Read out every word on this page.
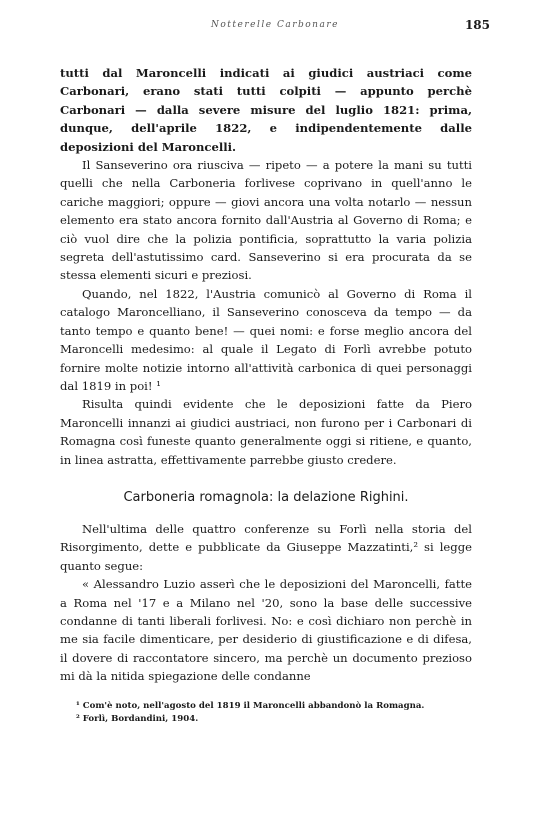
Notterelle Carbonare	185

tutti dal Maroncelli indicati ai giudici austriaci come Carbonari, erano stati tutti colpiti — appunto perchè Carbonari — dalla severe misure del luglio 1821: prima, dunque, dell'aprile 1822, e indipendentemente dalle deposizioni del Maroncelli.

Il Sanseverino ora riusciva — ripeto — a potere la mani su tutti quelli che nella Carboneria forlivese coprivano in quell'anno le cariche maggiori; oppure — giovi ancora una volta notarlo — nessun elemento era stato ancora fornito dall'Austria al Governo di Roma; e ciò vuol dire che la polizia pontificia, soprattutto la varia polizia segreta dell'astutissimo card. Sanseverino si era procurata da se stessa elementi sicuri e preziosi.

Quando, nel 1822, l'Austria comunicò al Governo di Roma il catalogo Maroncelliano, il Sanseverino conosceva da tempo — da tanto tempo e quanto bene! — quei nomi: e forse meglio ancora del Maroncelli medesimo: al quale il Legato di Forlì avrebbe potuto fornire molte notizie intorno all'attività carbonica di quei personaggi dal 1819 in poi! ¹

Risulta quindi evidente che le deposizioni fatte da Piero Maroncelli innanzi ai giudici austriaci, non furono per i Carbonari di Romagna così funeste quanto generalmente oggi si ritiene, e quanto, in linea astratta, effettivamente parrebbe giusto credere.

Carboneria romagnola: la delazione Righini.

Nell'ultima delle quattro conferenze su Forlì nella storia del Risorgimento, dette e pubblicate da Giuseppe Mazzatinti,² si legge quanto segue:

« Alessandro Luzio asserì che le deposizioni del Maroncelli, fatte a Roma nel '17 e a Milano nel '20, sono la base delle successive condanne di tanti liberali forlivesi. No: e così dichiaro non perchè in me sia facile dimenticare, per desiderio di giustificazione e di difesa, il dovere di raccontatore sincero, ma perchè un documento prezioso mi dà la nitida spiegazione delle condanne

¹ Com'è noto, nell'agosto del 1819 il Maroncelli abbandonò la Romagna.

² Forlì, Bordandini, 1904.
